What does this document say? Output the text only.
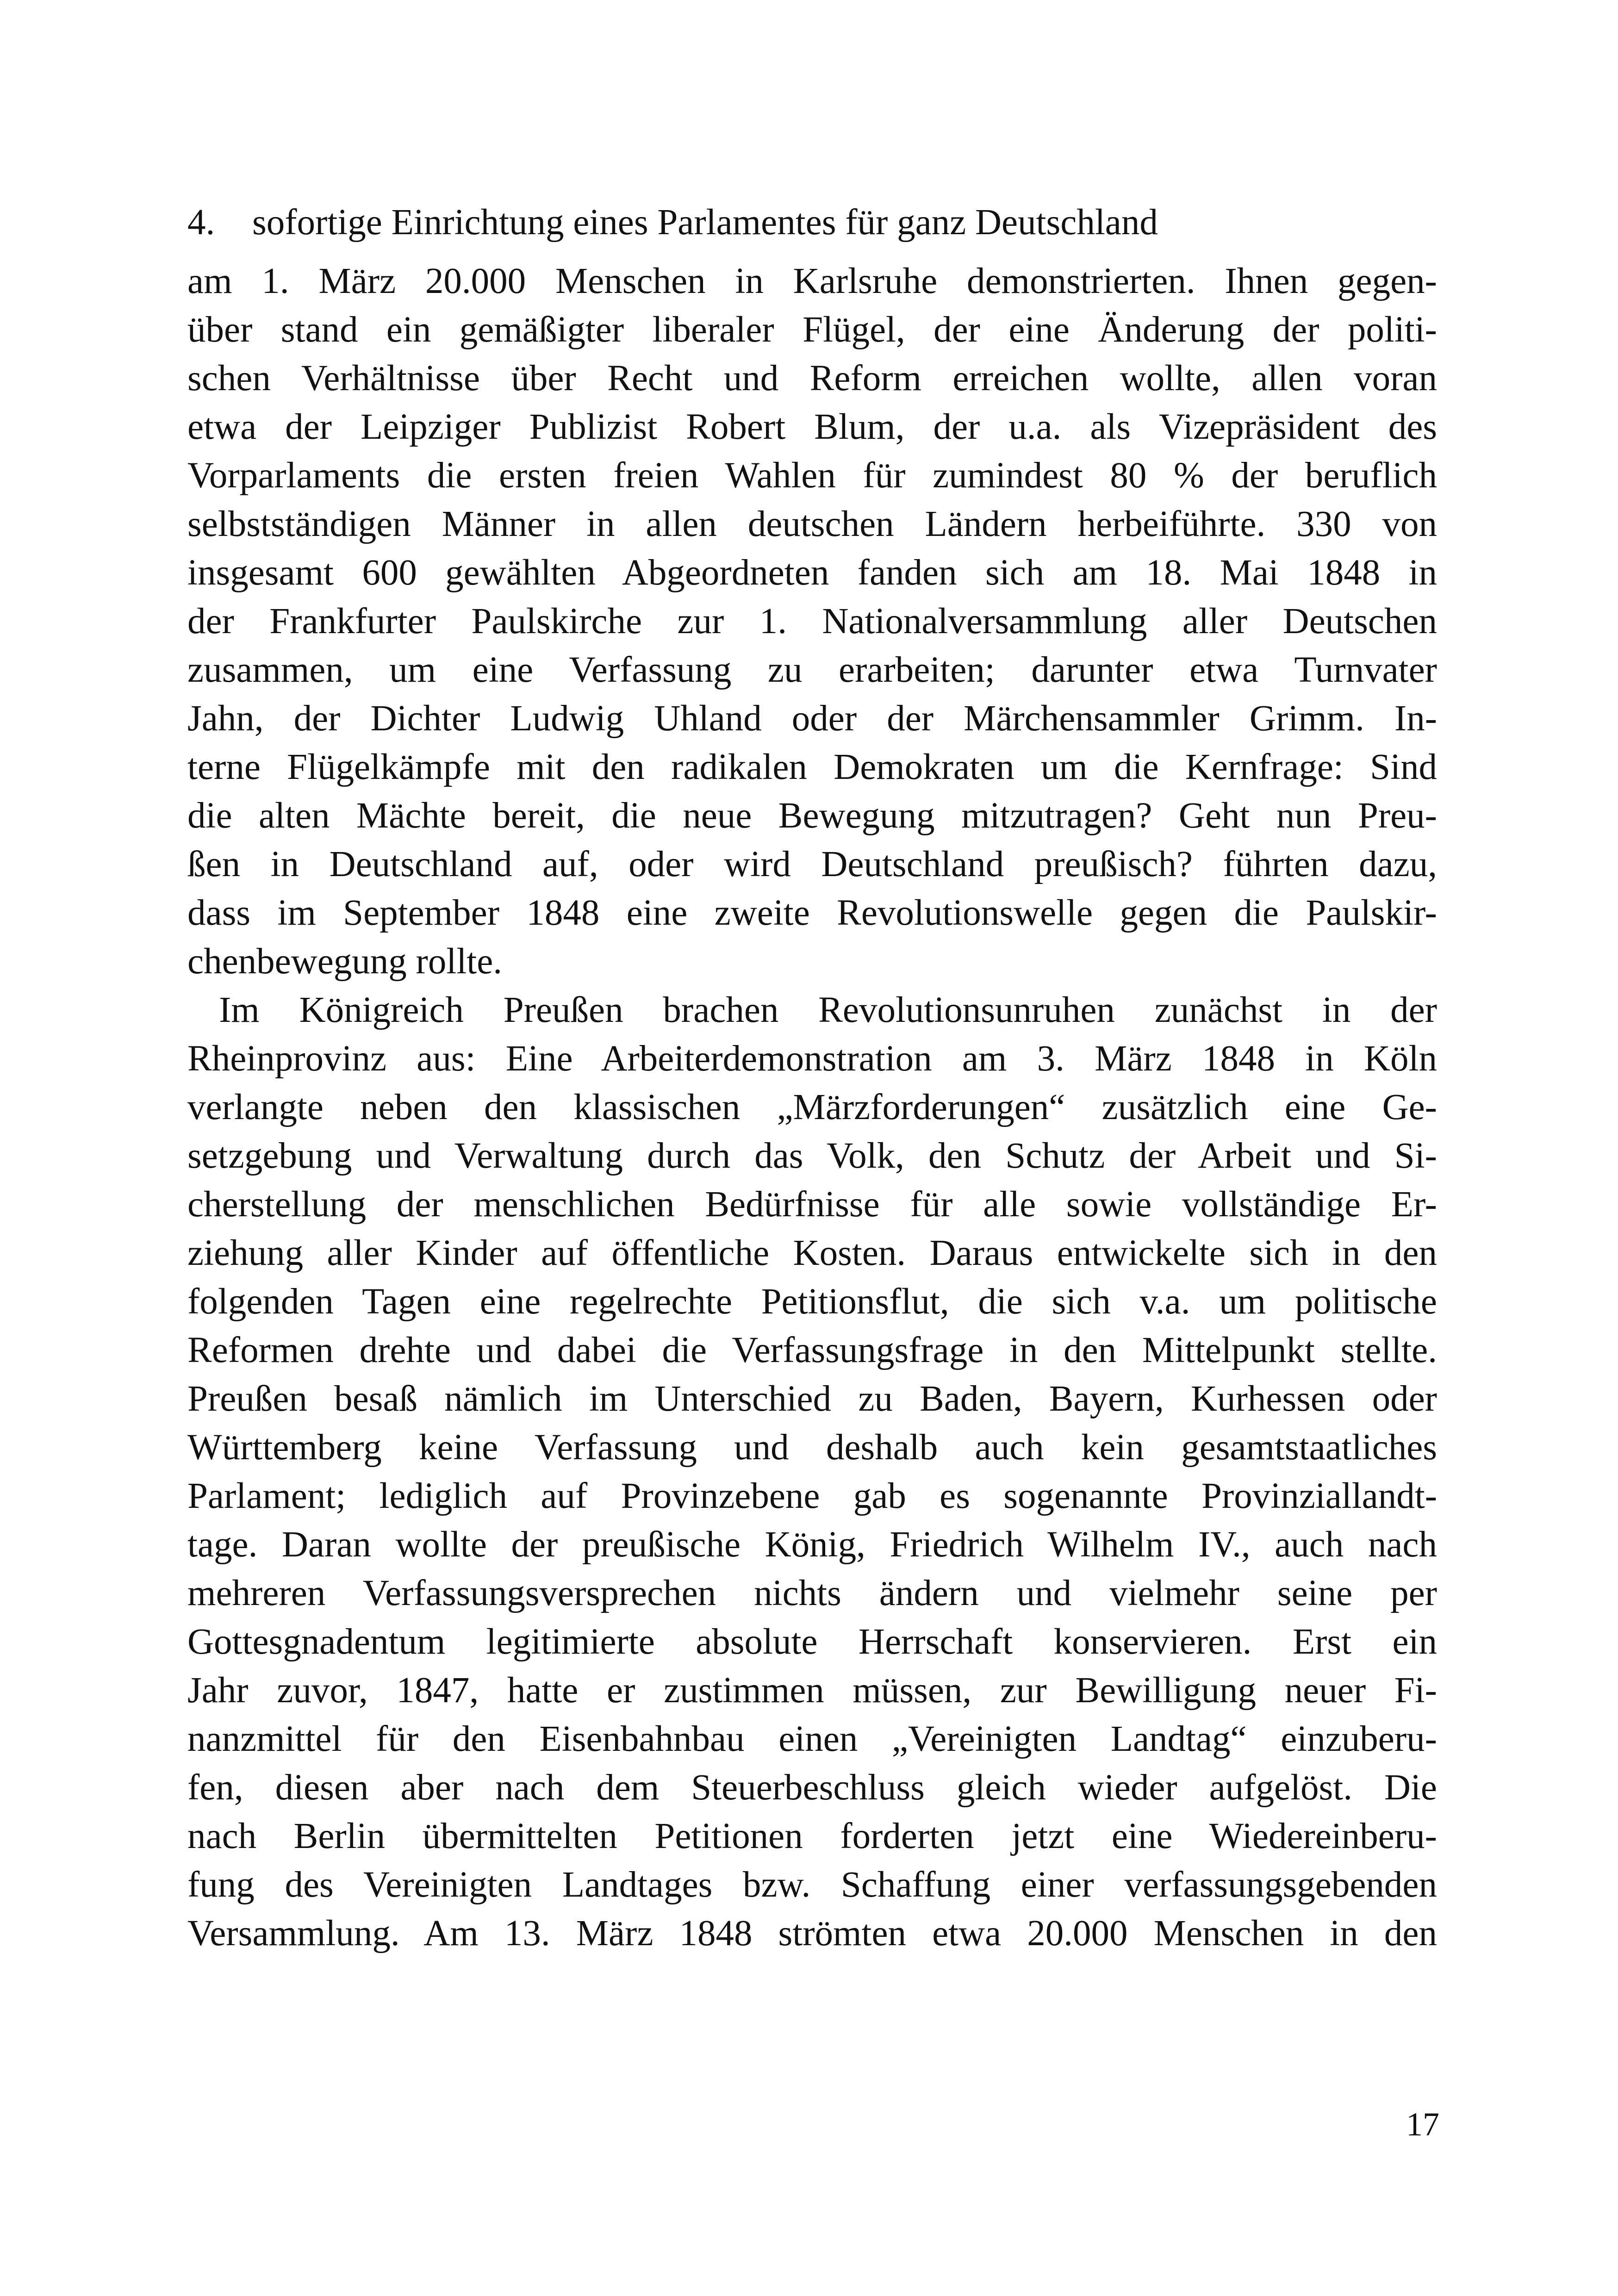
4. sofortige Einrichtung eines Parlamentes für ganz Deutschland
am 1. März 20.000 Menschen in Karlsruhe demonstrierten. Ihnen gegen-
über stand ein gemäßigter liberaler Flügel, der eine Änderung der politi-
schen Verhältnisse über Recht und Reform erreichen wollte, allen voran
etwa der Leipziger Publizist Robert Blum, der u.a. als Vizepräsident des
Vorparlaments die ersten freien Wahlen für zumindest 80 % der beruflich
selbstständigen Männer in allen deutschen Ländern herbeiführte. 330 von
insgesamt 600 gewählten Abgeordneten fanden sich am 18. Mai 1848 in
der Frankfurter Paulskirche zur 1. Nationalversammlung aller Deutschen
zusammen, um eine Verfassung zu erarbeiten; darunter etwa Turnvater
Jahn, der Dichter Ludwig Uhland oder der Märchensammler Grimm. In-
terne Flügelkämpfe mit den radikalen Demokraten um die Kernfrage: Sind
die alten Mächte bereit, die neue Bewegung mitzutragen? Geht nun Preu-
ßen in Deutschland auf, oder wird Deutschland preußisch? führten dazu,
dass im September 1848 eine zweite Revolutionswelle gegen die Paulskir-
chenbewegung rollte.
Im Königreich Preußen brachen Revolutionsunruhen zunächst in der
Rheinprovinz aus: Eine Arbeiterdemonstration am 3. März 1848 in Köln
verlangte neben den klassischen „Märzforderungen“ zusätzlich eine Ge-
setzgebung und Verwaltung durch das Volk, den Schutz der Arbeit und Si-
cherstellung der menschlichen Bedürfnisse für alle sowie vollständige Er-
ziehung aller Kinder auf öffentliche Kosten. Daraus entwickelte sich in den
folgenden Tagen eine regelrechte Petitionsflut, die sich v.a. um politische
Reformen drehte und dabei die Verfassungsfrage in den Mittelpunkt stellte.
Preußen besaß nämlich im Unterschied zu Baden, Bayern, Kurhessen oder
Württemberg keine Verfassung und deshalb auch kein gesamtstaatliches
Parlament; lediglich auf Provinzebene gab es sogenannte Provinziallandt-
tage. Daran wollte der preußische König, Friedrich Wilhelm IV., auch nach
mehreren Verfassungsversprechen nichts ändern und vielmehr seine per
Gottesgnadentum legitimierte absolute Herrschaft konservieren. Erst ein
Jahr zuvor, 1847, hatte er zustimmen müssen, zur Bewilligung neuer Fi-
nanzmittel für den Eisenbahnbau einen „Vereinigten Landtag“ einzuberu-
fen, diesen aber nach dem Steuerbeschluss gleich wieder aufgelöst. Die
nach Berlin übermittelten Petitionen forderten jetzt eine Wiedereinberu-
fung des Vereinigten Landtages bzw. Schaffung einer verfassungsgebenden
Versammlung. Am 13. März 1848 strömten etwa 20.000 Menschen in den
17
